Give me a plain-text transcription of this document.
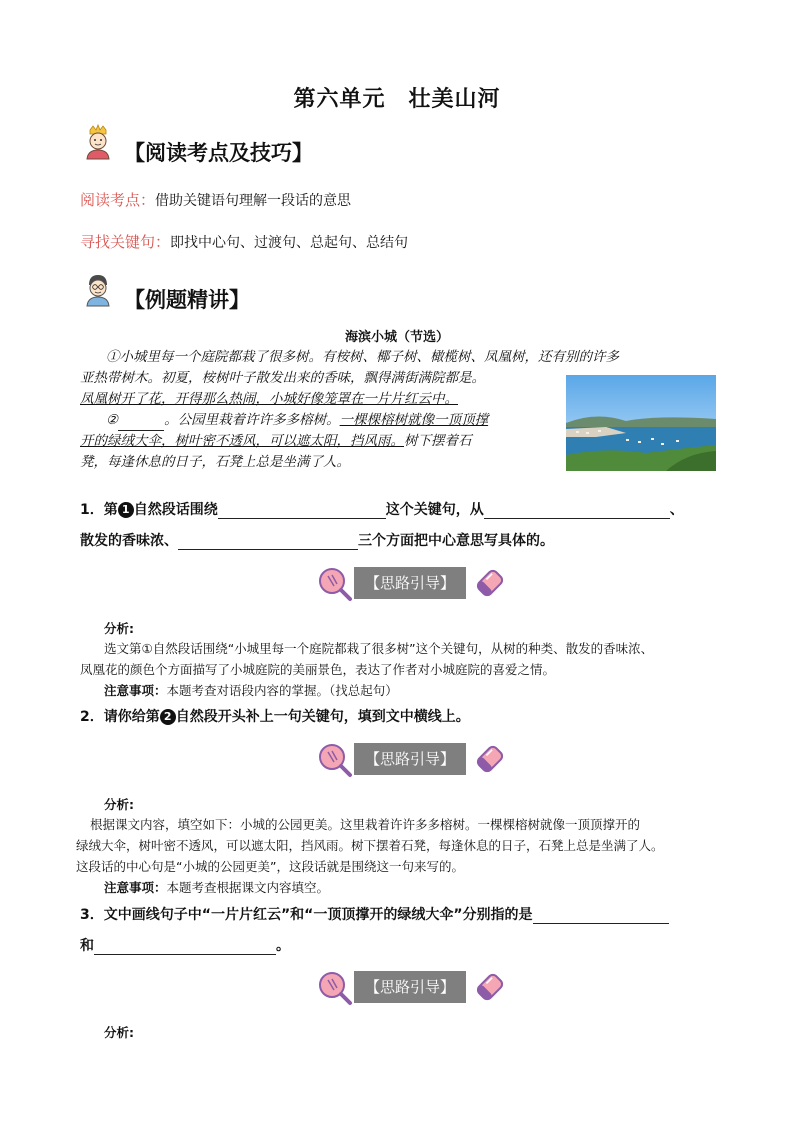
第六单元　壮美山河
【阅读考点及技巧】
阅读考点：借助关键语句理解一段话的意思
寻找关键句：即找中心句、过渡句、总起句、总结句
【例题精讲】
海滨小城（节选）
①小城里每一个庭院都栽了很多树。有桉树、椰子树、橄榄树、凤凰树，还有别的许多
亚热带树木。初夏，桉树叶子散发出来的香味，飘得满街满院都是。
凤凰树开了花，开得那么热闹，小城好像笼罩在一片片红云中。
②	。公园里栽着许许多多榕树。一棵棵榕树就像一顶顶撑
开的绿绒大伞，树叶密不透风，可以遮太阳，挡风雨。树下摆着石
凳，每逢休息的日子，石凳上总是坐满了人。
1．第 1 自然段话围绕	这个关键句，从	、
散发的香味浓、	三个方面把中心意思写具体的。
【思路引导】
分析:
选文第①自然段话围绕“小城里每一个庭院都栽了很多树”这个关键句，从树的种类、散发的香味浓、
凤凰花的颜色个方面描写了小城庭院的美丽景色，表达了作者对小城庭院的喜爱之情。
注意事项：本题考查对语段内容的掌握。（找总起句）
2．请你给第 2 自然段开头补上一句关键句，填到文中横线上。
【思路引导】
分析:
根据课文内容，填空如下：小城的公园更美。这里栽着许许多多榕树。一棵棵榕树就像一顶顶撑开的
绿绒大伞，树叶密不透风，可以遮太阳，挡风雨。树下摆着石凳，每逢休息的日子，石凳上总是坐满了人。
这段话的中心句是“小城的公园更美”，这段话就是围绕这一句来写的。
注意事项：本题考查根据课文内容填空。
3．文中画线句子中“一片片红云”和“一顶顶撑开的绿绒大伞”分别指的是
和	。
【思路引导】
分析:
